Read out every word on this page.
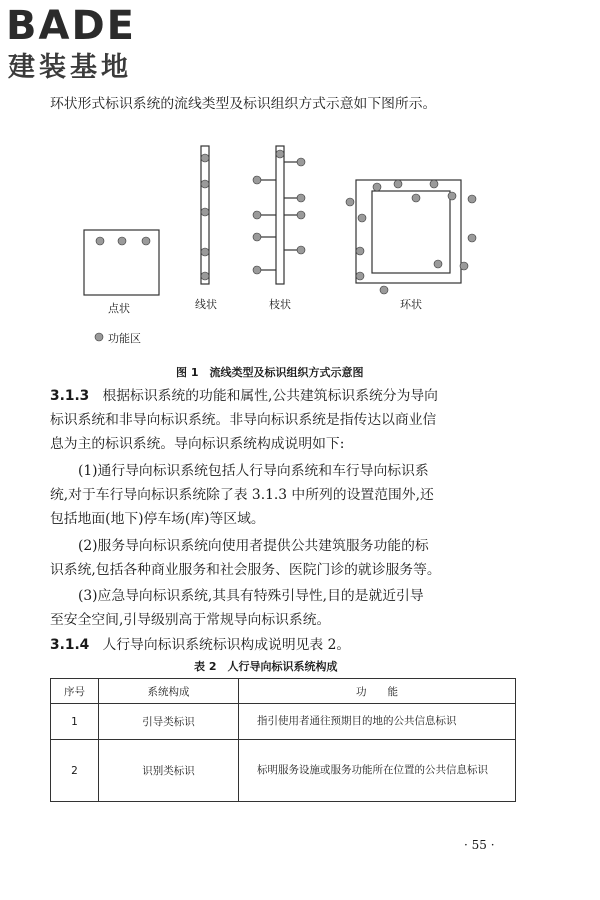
BADE
建装基地
环状形式标识系统的流线类型及标识组织方式示意如下图所示。
点状	线状	枝状	环状
功能区
图 1　流线类型及标识组织方式示意图
3.1.3 根据标识系统的功能和属性,公共建筑标识系统分为导向
标识系统和非导向标识系统。非导向标识系统是指传达以商业信
息为主的标识系统。导向标识系统构成说明如下:
(1)通行导向标识系统包括人行导向系统和车行导向标识系
统,对于车行导向标识系统除了表 3.1.3 中所列的设置范围外,还
包括地面(地下)停车场(库)等区域。
(2)服务导向标识系统向使用者提供公共建筑服务功能的标
识系统,包括各种商业服务和社会服务、医院门诊的就诊服务等。
(3)应急导向标识系统,其具有特殊引导性,目的是就近引导
至安全空间,引导级别高于常规导向标识系统。
3.1.4 人行导向标识系统标识构成说明见表 2。
表 2　人行导向标识系统构成
序号	系统构成	功　　能
1	引导类标识	指引使用者通往预期目的地的公共信息标识
2	识别类标识	标明服务设施或服务功能所在位置的公共信息标识
· 55 ·
